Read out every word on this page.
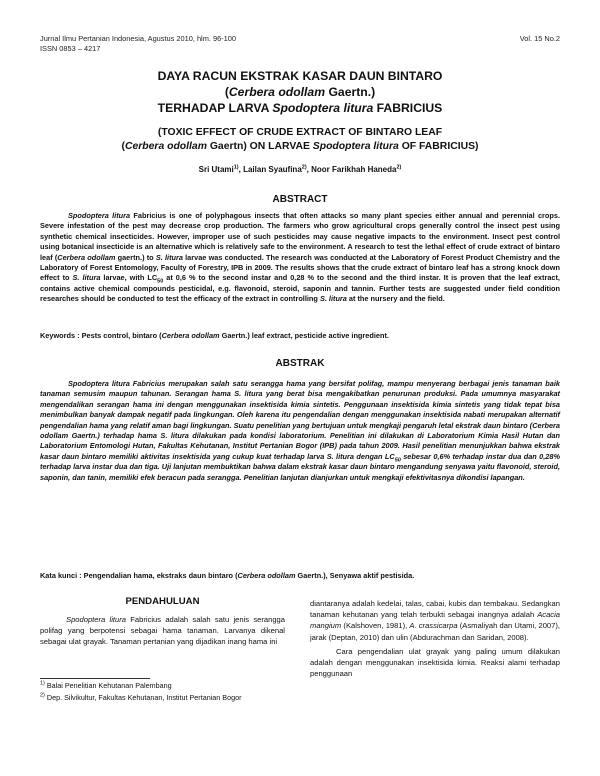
Jurnal Ilmu Pertanian Indonesia, Agustus 2010, hlm. 96-100
ISSN 0853 – 4217
Vol. 15 No.2
DAYA RACUN EKSTRAK KASAR DAUN BINTARO
(Cerbera odollam Gaertn.)
TERHADAP LARVA Spodoptera litura FABRICIUS
(TOXIC EFFECT OF CRUDE EXTRACT OF BINTARO LEAF
(Cerbera odollam Gaertn) ON LARVAE Spodoptera litura OF FABRICIUS)
Sri Utami$^{1)}$, Lailan Syaufina$^{2)}$, Noor Farikhah Haneda$^{2)}$
ABSTRACT
Spodoptera litura Fabricius is one of polyphagous insects that often attacks so many plant species either annual and perennial crops. Severe infestation of the pest may decrease crop production. The farmers who grow agricultural crops generally control the insect pest using synthetic chemical insecticides. However, improper use of such pesticides may cause negative impacts to the environment. Insect pest control using botanical insecticide is an alternative which is relatively safe to the environment. A research to test the lethal effect of crude extract of bintaro leaf (Cerbera odollam gaertn.) to S. litura larvae was conducted. The research was conducted at the Laboratory of Forest Product Chemistry and the Laboratory of Forest Entomology, Faculty of Forestry, IPB in 2009. The results shows that the crude extract of bintaro leaf has a strong knock down effect to S. litura larvae, with $LC_{50}$ at 0,6 % to the second instar and 0,28 % to the second and the third instar. It is proven that the leaf extract, contains active chemical compounds pesticidal, e.g. flavonoid, steroid, saponin and tannin. Further tests are suggested under field condition researches should be conducted to test the efficacy of the extract in controlling S. litura at the nursery and the field.
Keywords : Pests control, bintaro (Cerbera odollam Gaertn.) leaf extract, pesticide active ingredient.
ABSTRAK
Spodoptera litura Fabricius merupakan salah satu serangga hama yang bersifat polifag, mampu menyerang berbagai jenis tanaman baik tanaman semusim maupun tahunan. Serangan hama S. litura yang berat bisa mengakibatkan penurunan produksi. Pada umumnya masyarakat mengendalikan serangan hama ini dengan menggunakan insektisida kimia sintetis. Penggunaan insektisida kimia sintetis yang tidak tepat bisa menimbulkan banyak dampak negatif pada lingkungan. Oleh karena itu pengendalian dengan menggunakan insektisida nabati merupakan alternatif pengendalian hama yang relatif aman bagi lingkungan. Suatu penelitian yang bertujuan untuk mengkaji pengaruh letal ekstrak daun bintaro (Cerbera odollam Gaertn.) terhadap hama S. litura dilakukan pada kondisi laboratorium. Penelitian ini dilakukan di Laboratorium Kimia Hasil Hutan dan Laboratorium Entomologi Hutan, Fakultas Kehutanan, Institut Pertanian Bogor (IPB) pada tahun 2009. Hasil penelitian menunjukkan bahwa ekstrak kasar daun bintaro memiliki aktivitas insektisida yang cukup kuat terhadap larva S. litura dengan $LC_{50}$ sebesar 0,6% terhadap instar dua dan 0,28% terhadap larva instar dua dan tiga. Uji lanjutan membuktikan bahwa dalam ekstrak kasar daun bintaro mengandung senyawa yaitu flavonoid, steroid, saponin, dan tanin, memiliki efek beracun pada serangga. Penelitian lanjutan dianjurkan untuk mengkaji efektivitasnya dikondisi lapangan.
Kata kunci : Pengendalian hama, ekstraks daun bintaro (Cerbera odollam Gaertn.), Senyawa aktif pestisida.
PENDAHULUAN
Spodoptera litura Fabricius adalah salah satu jenis serangga polifag yang berpotensi sebagai hama tanaman. Larvanya dikenal sebagai ulat grayak. Tanaman pertanian yang dijadikan inang hama ini
$^{1)}$ Balai Penelitian Kehutanan Palembang
$^{2)}$ Dep. Silvikultur, Fakultas Kehutanan, Institut Pertanian Bogor
diantaranya adalah kedelai, talas, cabai, kubis dan tembakau. Sedangkan tanaman kehutanan yang telah terbukti sebagai inangnya adalah Acacia mangium (Kalshoven, 1981), A. crassicarpa (Asmaliyah dan Utami, 2007), jarak (Deptan, 2010) dan ulin (Abdurachman dan Saridan, 2008).
Cara pengendalian ulat grayak yang paling umum dilakukan adalah dengan menggunakan insektisida kimia. Reaksi alami terhadap penggunaan
